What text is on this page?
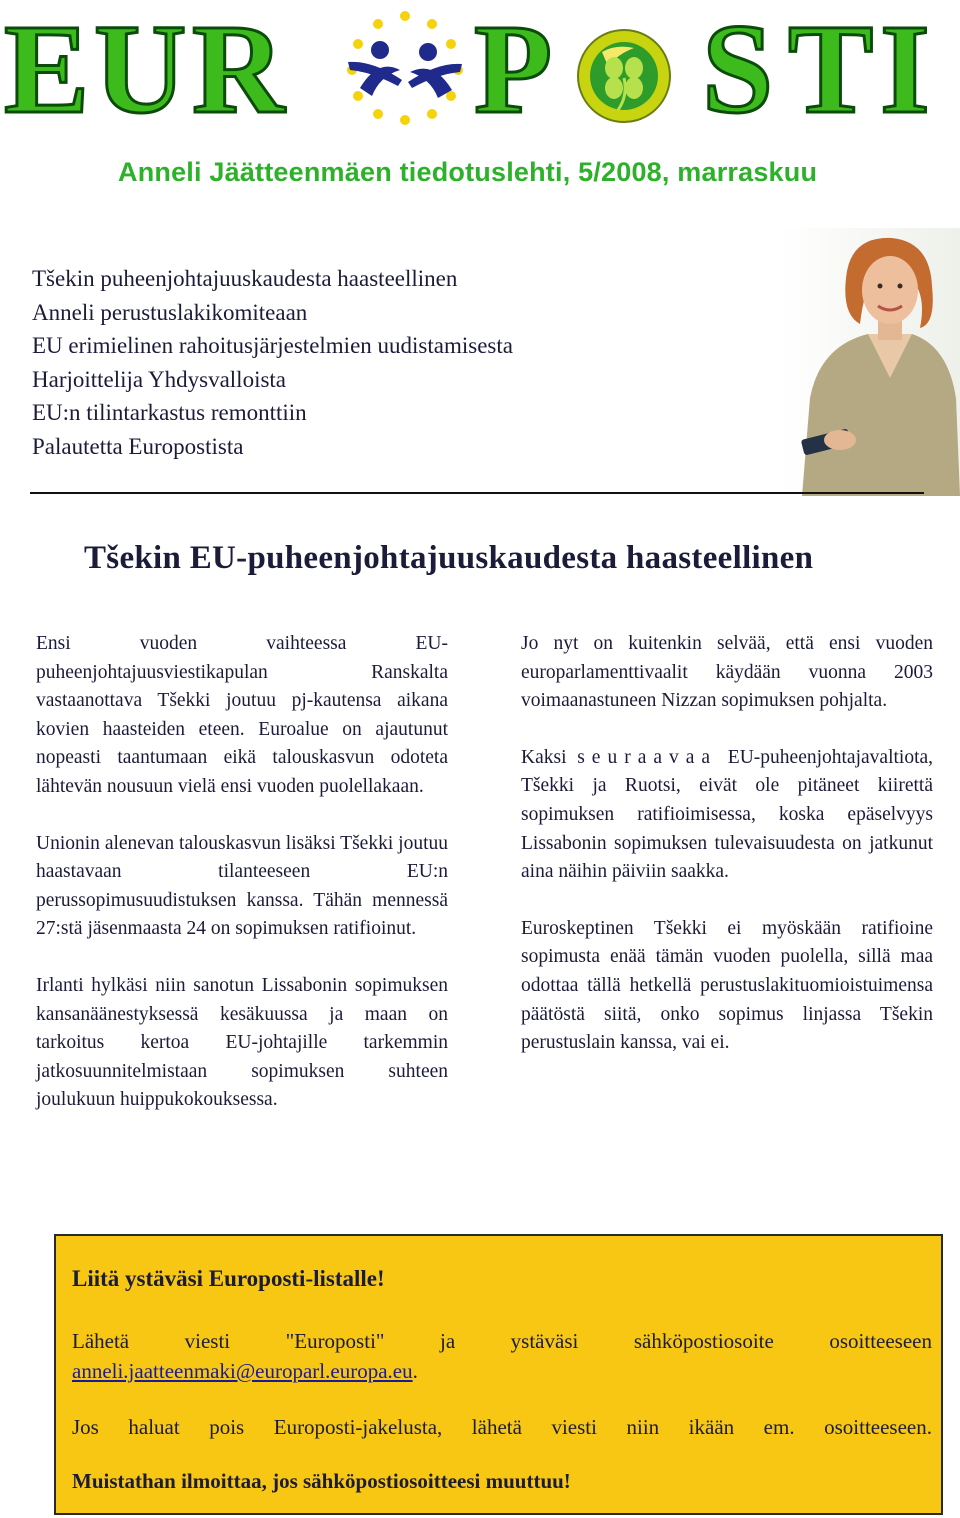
E U R P S T I
Anneli Jäätteenmäen tiedotuslehti, 5/2008, marraskuu
Tšekin puheenjohtajuuskaudesta haasteellinen
Anneli perustuslakikomiteaan
EU erimielinen rahoitusjärjestelmien uudistamisesta
Harjoittelija Yhdysvalloista
EU:n tilintarkastus remonttiin
Palautetta Europostista
Tšekin EU-puheenjohtajuuskaudesta haasteellinen

Ensi vuoden vaihteessa EU-puheenjohtajuusviestikapulan Ranskalta vastaanottava Tšekki joutuu pj-kautensa aikana kovien haasteiden eteen. Euroalue on ajautunut nopeasti taantumaan eikä talouskasvun odoteta lähtevän nousuun vielä ensi vuoden puolellakaan.

Unionin alenevan talouskasvun lisäksi Tšekki joutuu haastavaan tilanteeseen EU:n perussopimusuudistuksen kanssa. Tähän mennessä 27:stä jäsenmaasta 24 on sopimuksen ratifioinut.

Irlanti hylkäsi niin sanotun Lissabonin sopimuksen kansanäänestyksessä kesäkuussa ja maan on tarkoitus kertoa EU-johtajille tarkemmin jatkosuunnitelmistaan sopimuksen suhteen joulukuun huippukokouksessa.

Jo nyt on kuitenkin selvää, että ensi vuoden europarlamenttivaalit käydään vuonna 2003 voimaanastuneen Nizzan sopimuksen pohjalta.

Kaksi seuraavaa EU-puheenjohtajavaltiota, Tšekki ja Ruotsi, eivät ole pitäneet kiirettä sopimuksen ratifioimisessa, koska epäselvyys Lissabonin sopimuksen tulevaisuudesta on jatkunut aina näihin päiviin saakka.

Euroskeptinen Tšekki ei myöskään ratifioine sopimusta enää tämän vuoden puolella, sillä maa odottaa tällä hetkellä perustuslakituomioistuimensa päätöstä siitä, onko sopimus linjassa Tšekin perustuslain kanssa, vai ei.

Liitä ystäväsi Europosti-listalle!
Lähetä viesti "Europosti" ja ystäväsi sähköpostiosoite osoitteeseen
anneli.jaatteenmaki@europarl.europa.eu.
Jos haluat pois Europosti-jakelusta, lähetä viesti niin ikään em. osoitteeseen.
Muistathan ilmoittaa, jos sähköpostiosoitteesi muuttuu!
